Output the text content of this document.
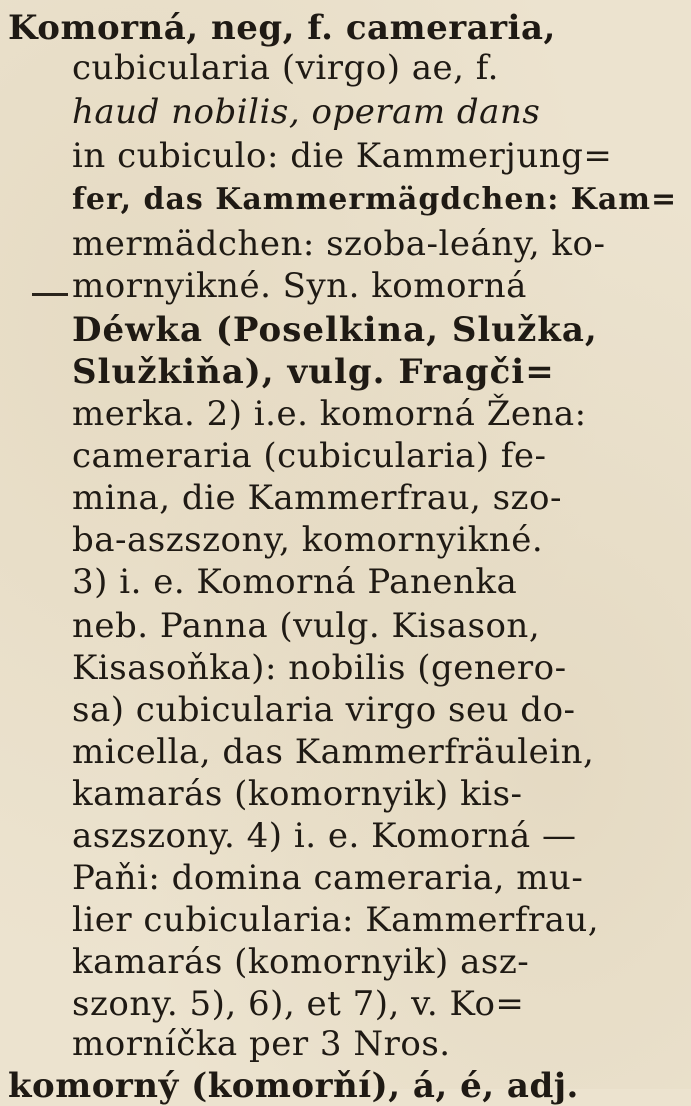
Komorná, neg, f. cameraria,
cubicularia (virgo) ae, f.
haud nobilis, operam dans
in cubiculo: die Kammerjung=
fer, das Kammermägdchen: Kam=
mermädchen: szoba-leány, ko-
mornyikné. Syn. komorná
Déwka (Poselkina, Služka,
Služkiňa), vulg. Fragči=
merka. 2) i.e. komorná Žena:
cameraria (cubicularia) fe-
mina, die Kammerfrau, szo-
ba-aszszony, komornyikné.
3) i. e. Komorná Panenka
neb. Panna (vulg. Kisason,
Kisasoňka): nobilis (genero-
sa) cubicularia virgo seu do-
micella, das Kammerfräulein,
kamarás (komornyik) kis-
aszszony. 4) i. e. Komorná —
Paňi: domina cameraria, mu-
lier cubicularia: Kammerfrau,
kamarás (komornyik) asz-
szony. 5), 6), et 7), v. Ko=
morníčka per 3 Nros.
komorný (komorňí), á, é, adj.
